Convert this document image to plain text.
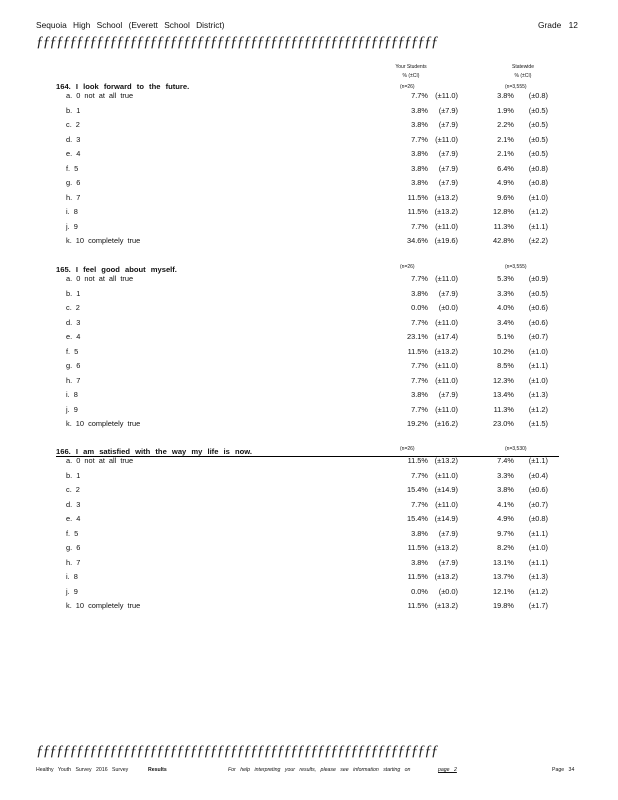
Sequoia High School (Everett School District)	Grade 12
ƒƒƒƒƒƒƒƒƒƒƒƒƒƒƒƒƒƒƒƒƒƒƒƒƒƒƒƒƒƒƒƒƒƒƒƒƒƒƒƒƒƒƒƒƒƒƒƒƒƒƒƒƒƒƒƒƒƒƒƒ
Your Students
% (±CI)
Statewide
% (±CI)
164. I look forward to the future.	(n=26)	(n=3,555)
a. 0 not at all true	7.7% (±11.0)	3.8%	(±0.8)
b. 1	3.8%	(±7.9)	1.9%	(±0.5)
c. 2	3.8%	(±7.9)	2.2%	(±0.5)
d. 3	7.7% (±11.0)	2.1%	(±0.5)
e. 4	3.8%	(±7.9)	2.1%	(±0.5)
f. 5	3.8%	(±7.9)	6.4%	(±0.8)
g. 6	3.8%	(±7.9)	4.9%	(±0.8)
h. 7	11.5% (±13.2)	9.6%	(±1.0)
i. 8	11.5% (±13.2)	12.8%	(±1.2)
j. 9	7.7% (±11.0)	11.3%	(±1.1)
k. 10 completely true	34.6% (±19.6)	42.8%	(±2.2)
165. I feel good about myself.	(n=26)	(n=3,555)
a. 0 not at all true	7.7% (±11.0)	5.3%	(±0.9)
b. 1	3.8%	(±7.9)	3.3%	(±0.5)
c. 2	0.0%	(±0.0)	4.0%	(±0.6)
d. 3	7.7% (±11.0)	3.4%	(±0.6)
e. 4	23.1% (±17.4)	5.1%	(±0.7)
f. 5	11.5% (±13.2)	10.2%	(±1.0)
g. 6	7.7% (±11.0)	8.5%	(±1.1)
h. 7	7.7% (±11.0)	12.3%	(±1.0)
i. 8	3.8%	(±7.9)	13.4%	(±1.3)
j. 9	7.7% (±11.0)	11.3%	(±1.2)
k. 10 completely true	19.2% (±16.2)	23.0%	(±1.5)
166. I am satisfied with the way my life is now.	(n=26)	(n=3,530)
a. 0 not at all true	11.5% (±13.2)	7.4%	(±1.1)
b. 1	7.7% (±11.0)	3.3%	(±0.4)
c. 2	15.4% (±14.9)	3.8%	(±0.6)
d. 3	7.7% (±11.0)	4.1%	(±0.7)
e. 4	15.4% (±14.9)	4.9%	(±0.8)
f. 5	3.8%	(±7.9)	9.7%	(±1.1)
g. 6	11.5% (±13.2)	8.2%	(±1.0)
h. 7	3.8%	(±7.9)	13.1%	(±1.1)
i. 8	11.5% (±13.2)	13.7%	(±1.3)
j. 9	0.0%	(±0.0)	12.1%	(±1.2)
k. 10 completely true	11.5% (±13.2)	19.8%	(±1.7)
ƒƒƒƒƒƒƒƒƒƒƒƒƒƒƒƒƒƒƒƒƒƒƒƒƒƒƒƒƒƒƒƒƒƒƒƒƒƒƒƒƒƒƒƒƒƒƒƒƒƒƒƒƒƒƒƒƒƒƒƒ
Healthy Youth Survey 2016 Survey	Results	For help interpreting your results, please see information starting on	page 2	Page 34
